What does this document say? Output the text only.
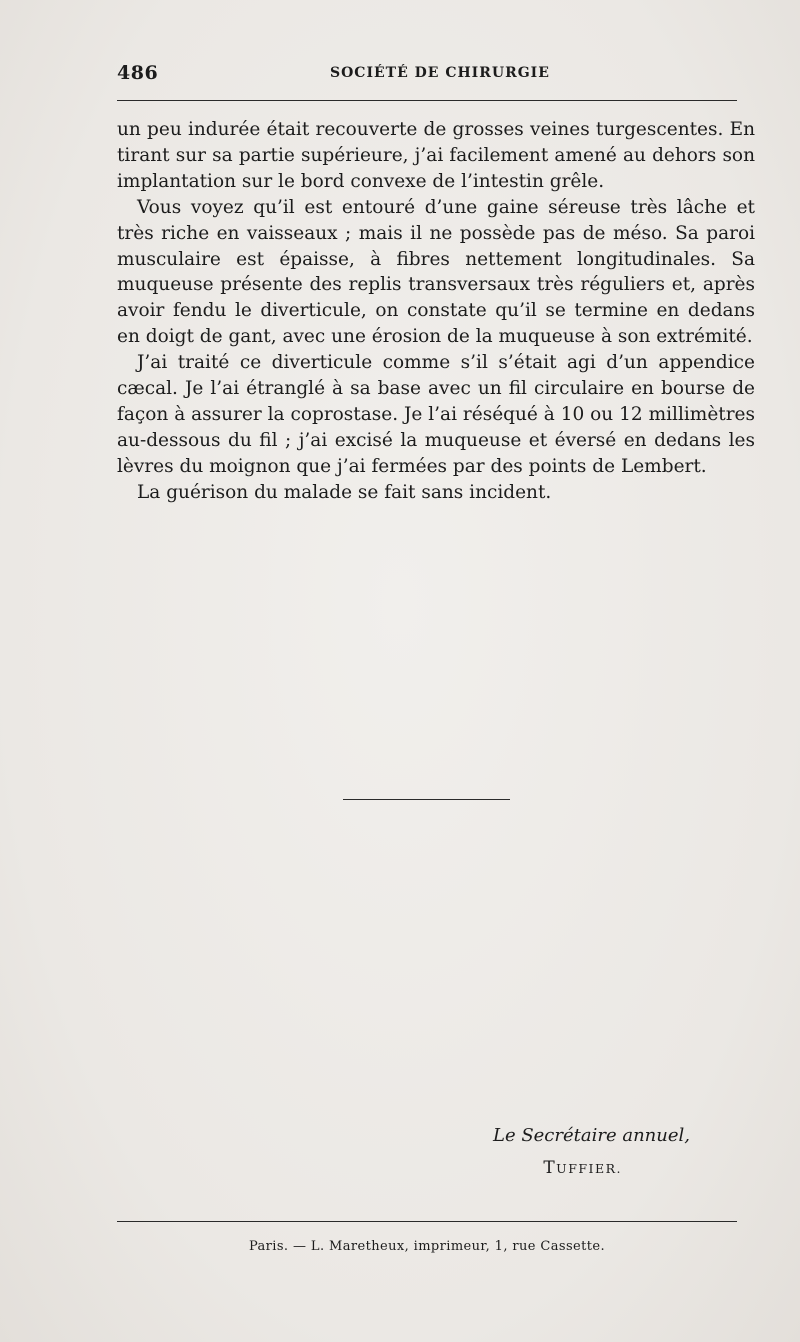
486	SOCIÉTÉ DE CHIRURGIE

un peu indurée était recouverte de grosses veines turgescentes. En tirant sur sa partie supérieure, j’ai facilement amené au dehors son implantation sur le bord convexe de l’intestin grêle.

Vous voyez qu’il est entouré d’une gaine séreuse très lâche et très riche en vaisseaux ; mais il ne possède pas de méso. Sa paroi musculaire est épaisse, à fibres nettement longitudinales. Sa muqueuse présente des replis transversaux très réguliers et, après avoir fendu le diverticule, on constate qu’il se termine en dedans en doigt de gant, avec une érosion de la muqueuse à son extrémité.

J’ai traité ce diverticule comme s’il s’était agi d’un appendice cæcal. Je l’ai étranglé à sa base avec un fil circulaire en bourse de façon à assurer la coprostase. Je l’ai réséqué à 10 ou 12 millimètres au-dessous du fil ; j’ai excisé la muqueuse et éversé en dedans les lèvres du moignon que j’ai fermées par des points de Lembert.

La guérison du malade se fait sans incident.

Le Secrétaire annuel,
TUFFIER.
Paris. — L. Maretheux, imprimeur, 1, rue Cassette.
